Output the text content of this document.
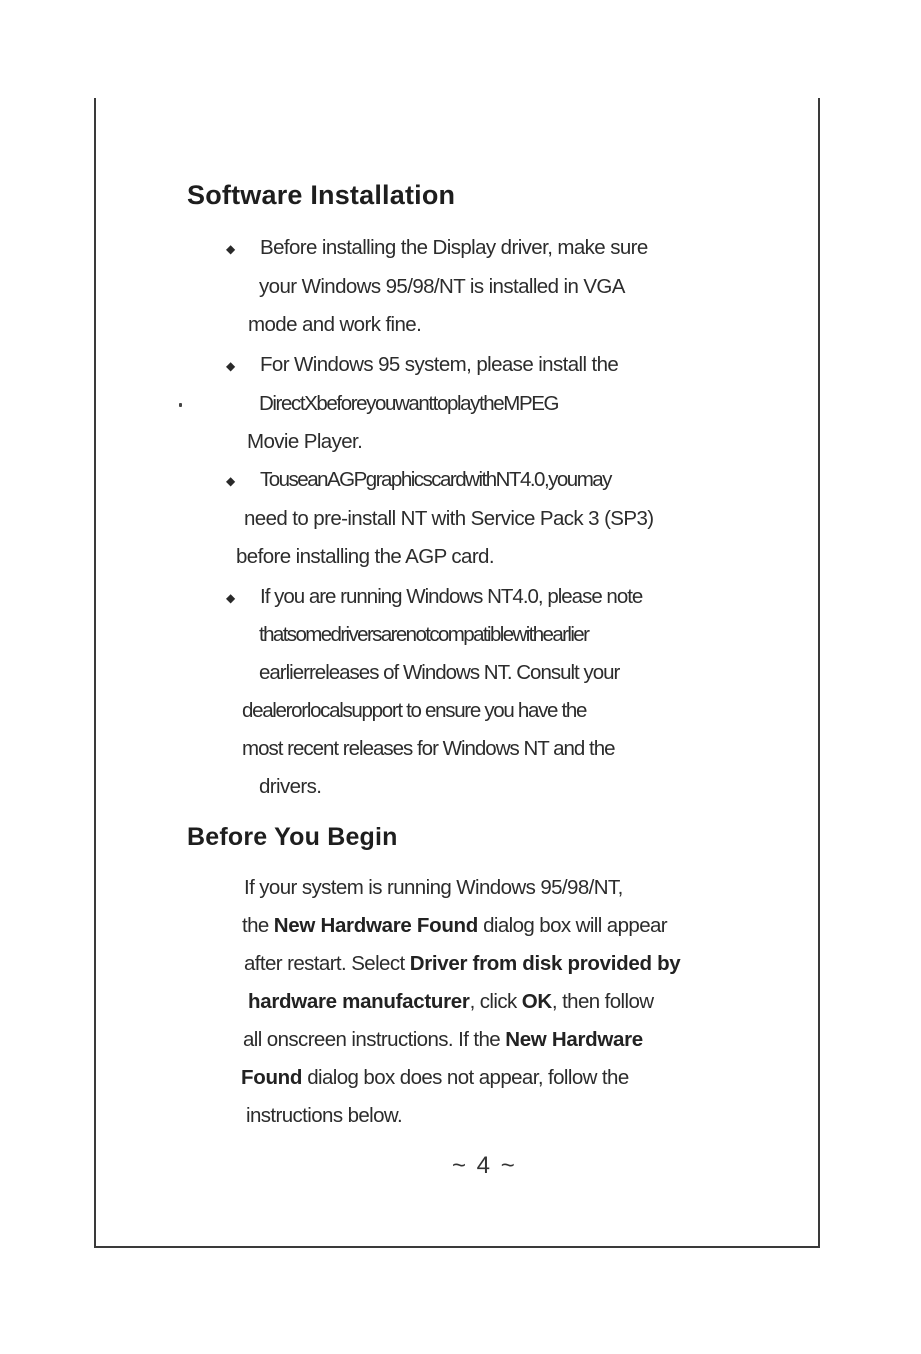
Software Installation
◆ Before installing the Display driver, make sure
your Windows 95/98/NT is installed in VGA
mode and work fine.
◆ For Windows 95 system, please install the
DirectXbeforeyouwanttoplaytheMPEG
Movie Player.
◆ TouseanAGPgraphicscardwithNT4.0,youmay
need to pre-install NT with Service Pack 3 (SP3)
before installing the AGP card.
◆ If you are running Windows NT4.0, please note
thatsomedriversarenotcompatiblewithearlier
earlierreleases of Windows NT. Consult your
dealerorlocalsupport to ensure you have the
most recent releases for Windows NT and the
drivers.
Before You Begin
If your system is running Windows 95/98/NT,
the New Hardware Found dialog box will appear
after restart. Select Driver from disk provided by
hardware manufacturer, click OK, then follow
all onscreen instructions. If the New Hardware
Found dialog box does not appear, follow the
instructions below.
~ 4 ~
